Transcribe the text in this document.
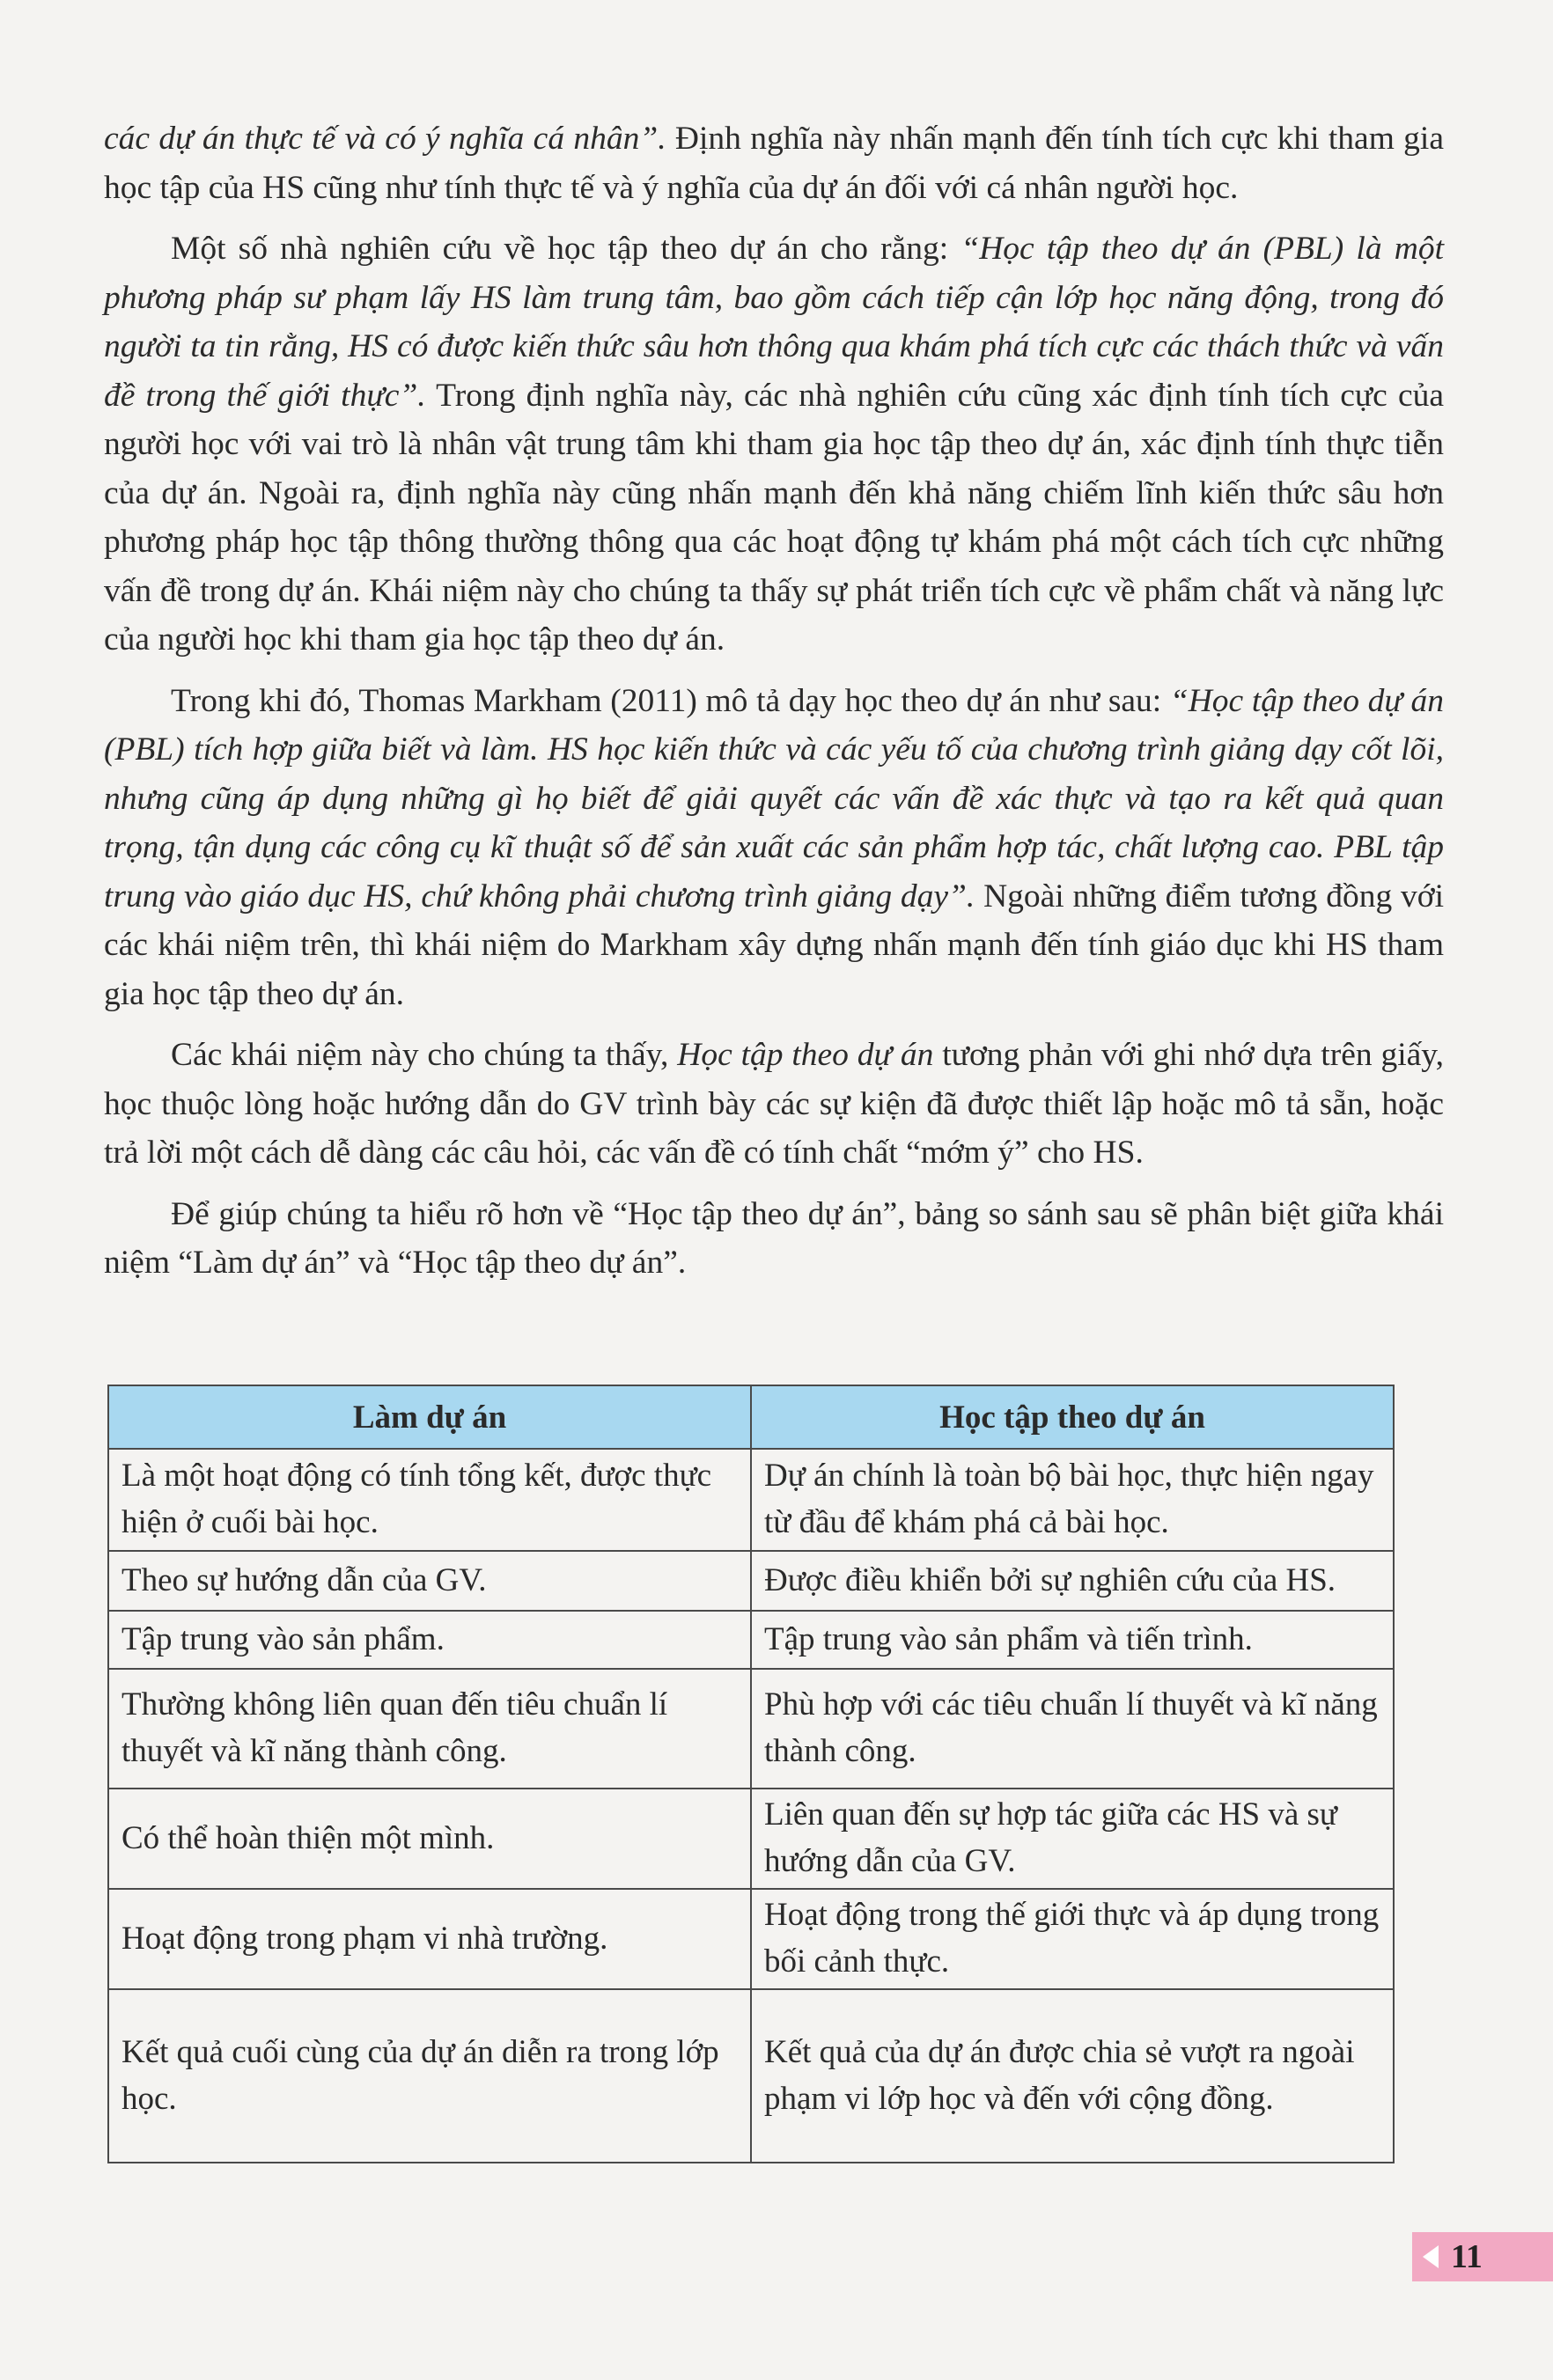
các dự án thực tế và có ý nghĩa cá nhân”. Định nghĩa này nhấn mạnh đến tính tích cực khi tham gia học tập của HS cũng như tính thực tế và ý nghĩa của dự án đối với cá nhân người học.

Một số nhà nghiên cứu về học tập theo dự án cho rằng: “Học tập theo dự án (PBL) là một phương pháp sư phạm lấy HS làm trung tâm, bao gồm cách tiếp cận lớp học năng động, trong đó người ta tin rằng, HS có được kiến thức sâu hơn thông qua khám phá tích cực các thách thức và vấn đề trong thế giới thực”. Trong định nghĩa này, các nhà nghiên cứu cũng xác định tính tích cực của người học với vai trò là nhân vật trung tâm khi tham gia học tập theo dự án, xác định tính thực tiễn của dự án. Ngoài ra, định nghĩa này cũng nhấn mạnh đến khả năng chiếm lĩnh kiến thức sâu hơn phương pháp học tập thông thường thông qua các hoạt động tự khám phá một cách tích cực những vấn đề trong dự án. Khái niệm này cho chúng ta thấy sự phát triển tích cực về phẩm chất và năng lực của người học khi tham gia học tập theo dự án.

Trong khi đó, Thomas Markham (2011) mô tả dạy học theo dự án như sau: “Học tập theo dự án (PBL) tích hợp giữa biết và làm. HS học kiến thức và các yếu tố của chương trình giảng dạy cốt lõi, nhưng cũng áp dụng những gì họ biết để giải quyết các vấn đề xác thực và tạo ra kết quả quan trọng, tận dụng các công cụ kĩ thuật số để sản xuất các sản phẩm hợp tác, chất lượng cao. PBL tập trung vào giáo dục HS, chứ không phải chương trình giảng dạy”. Ngoài những điểm tương đồng với các khái niệm trên, thì khái niệm do Markham xây dựng nhấn mạnh đến tính giáo dục khi HS tham gia học tập theo dự án.

Các khái niệm này cho chúng ta thấy, Học tập theo dự án tương phản với ghi nhớ dựa trên giấy, học thuộc lòng hoặc hướng dẫn do GV trình bày các sự kiện đã được thiết lập hoặc mô tả sẵn, hoặc trả lời một cách dễ dàng các câu hỏi, các vấn đề có tính chất “mớm ý” cho HS.

Để giúp chúng ta hiểu rõ hơn về “Học tập theo dự án”, bảng so sánh sau sẽ phân biệt giữa khái niệm “Làm dự án” và “Học tập theo dự án”.

Làm dự án	Học tập theo dự án
Là một hoạt động có tính tổng kết, được thực hiện ở cuối bài học.	Dự án chính là toàn bộ bài học, thực hiện ngay từ đầu để khám phá cả bài học.
Theo sự hướng dẫn của GV.	Được điều khiển bởi sự nghiên cứu của HS.
Tập trung vào sản phẩm.	Tập trung vào sản phẩm và tiến trình.
Thường không liên quan đến tiêu chuẩn lí thuyết và kĩ năng thành công.	Phù hợp với các tiêu chuẩn lí thuyết và kĩ năng thành công.
Có thể hoàn thiện một mình.	Liên quan đến sự hợp tác giữa các HS và sự hướng dẫn của GV.
Hoạt động trong phạm vi nhà trường.	Hoạt động trong thế giới thực và áp dụng trong bối cảnh thực.
Kết quả cuối cùng của dự án diễn ra trong lớp học.	Kết quả của dự án được chia sẻ vượt ra ngoài phạm vi lớp học và đến với cộng đồng.
11
